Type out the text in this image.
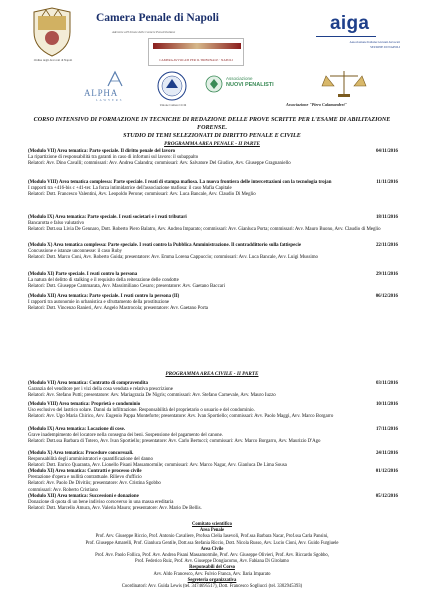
Ordine degli Avvocati di Napoli
Camera Penale di Napoli
Aderente all'Unione delle Camere Penali Italiane
CAMERA AVVOCATI PER IL TRIBUNALE · NAPOLI
aiga
Associazione Italiana Giovani Avvocati
SEZIONE DI NAPOLI
ALPHA
L A W Y E R S
Unione Camere Civili
Associazione
NUOVI PENALISTI
Associazione "Piero Calamandrei"
CORSO INTENSIVO DI FORMAZIONE IN TECNICHE DI REDAZIONE DELLE PROVE SCRITTE PER L'ESAME DI ABILITAZIONE FORENSE.
STUDIO DI TEMI SELEZIONATI DI DIRITTO PENALE E CIVILE
PROGRAMMA AREA PENALE - II PARTE
(Modulo VII) Area tematica: Parte speciale. Il diritto penale del lavoro	04/11/2016
La ripartizione di responsabilità tra garanti in caso di infortuni sul lavoro: il subappalto
Relatori: Avv. Dino Cavalli; commissari: Avv. Andrea Calandra; commissari: Avv. Salvatore Del Giudice, Avv. Giuseppe Gragnaniello
(Modulo VIII) Area tematica complessa: Parte speciale. I reati di stampa mafiosa. La nuova frontiera delle intercettazioni con la tecnologia trojan	11/11/2016
I rapporti tra +416-bis c +41-ter. La forza intimidatrice dell'associazione mafiosa: il caso Mafia Capitale
Relatori: Dott. Francesco Valentini, Avv. Leopoldo Perone; commissari: Avv. Luca Bancale, Avv. Claudio Di Meglio
(Modulo IX) Area tematica: Parte speciale. I reati societari e i reati tributari	18/11/2016
Bancarotta e falso valutativo
Relatori: Dott.ssa Livia De Gennaro, Dott. Roberto Piero Balatro, Avv. Andrea Imparato; commissari: Avv. Gianluca Porta; commissari: Avv. Mauro Buono, Avv. Claudio di Meglio
(Modulo X) Area tematica complessa: Parte speciale. I reati contro la Pubblica Amministrazione. Il contraddittorio sulla fattispecie	22/11/2016
Concussione e istanze unconnesse: il caso Ruby
Relatori: Dott. Marco Coni, Avv. Roberto Guida; presentatore: Avv. Emma Lorena Cappuccio; commissari: Avv. Luca Bancale, Avv. Luigi Mussimo
(Modulo XI) Parte speciale. I reati contro la persona	29/11/2016
La natura del delitto di stalking e il requisito della reiterazione delle condotte
Relatori: Dott. Giuseppe Cammarata, Avv. Massimiliano Cesaro; presentatore: Avv. Gaetano Baccari
(Modulo XII) Area tematica: Parte speciale. I reati contro la persona (II)	06/12/2016
I rapporti tra autonomie in urbanistica e sfruttamento della prostituzione
Relatori: Dott. Vincenzo Ranieri, Avv. Angelo Mastrocola; presentatore: Avv. Gaetano Porta
PROGRAMMA AREA CIVILE - II PARTE
(Modulo VII) Area tematica: Contratto di compravendita	03/11/2016
Garanzia del venditore per i vizi della cosa venduta e relativa prescrizione
Relatori: Avv. Stefano Putti; presentatore: Avv. Mariagrazia De Nigris; commissari: Avv. Stefano Carnevale, Avv. Mauro Iuzzo
(Modulo VIII) Area tematica: Proprietà e condominio	10/11/2016
Uso esclusivo del lastrico solare. Danni da infiltrazione. Responsabilità del proprietario o usuario e del condominio.
Relatori: Avv. Ugo Maria Chirico, Avv. Eugenio Pappa Monteforte; presentatore: Avv. Ivan Sportiello; commissari: Avv. Paolo Maggi, Avv. Marco Borgarro
(Modulo IX) Area tematica: Locazione di cose.	17/11/2016
Grave inadempimento del locatore nella consegna dei beni. Sospensione del pagamento del canone.
Relatori: Dott.ssa Barbara di Totero, Avv. Ivan Sportiello; presentatore: Avv. Carlo Bertucci; commissari: Avv. Marco Borgarro, Avv. Maurizio D'Ago
(Modulo X) Area tematica: Procedure concorsuali.	24/11/2016
Responsabilità degli amministratori e quantificazione del danno
Relatori: Dott. Enrico Quaranta, Avv. Lionello Pisani Massamormile; commissari: Avv. Marco Nagar, Avv. Gianluca De Lima Sousa
(Modulo XI) Area tematica: Contratti e processo civile	01/12/2016
Prestazione d'opera e nullità contrattuale. Rilievo d'ufficio
Relatori: Avv. Paolo De Divitiis; presentatore: Avv. Cristina Sgobbo
commissari: Avv. Roberto Cristiano
(Modulo XII) Area tematica: Successioni e donazione	05/12/2016
Donazione di quota di un bene indiviso corsoverso in una massa ereditaria
Relatori: Dott. Marcello Amura, Avv. Valeria Mauro; presentatore: Avv. Mario De Bellis.
Comitato scientifico
Area Penale
Prof. Avv. Giuseppe Riccio, Prof. Antonio Cavaliere, Profssa Clelia Iasevoli, Prof.ssa Barbara Nacar, Prof.ssa Carla Pansini,
Prof. Giuseppe Amarelli, Prof. Gianluca Gentile, Dott.ssa Stefania Riccio, Dott. Nicola Russo, Avv. Lucio Cioni, Avv. Guido Furgiuele
Area Civile
Prof. Avv. Paolo Follica, Prof. Avv. Andrea Pisani Massamormile, Prof. Avv. Giuseppe Olivieri, Prof. Avv. Riccardo Sgobbo,
Prof. Federico Ruiz, Prof. Avv. Giuseppe Dongiacomo, Avv. Fabiana Di Girolamo
Responsabili del Corso
Avv. Aldo Francesco, Avv. Fulvio Franca, Avv. Ilaria Imparato
Segreteria organizzativa
Coordinatori: Avv. Guida Lewis (tel. 3474695517), Dott. Francesco Sogliucci (tel. 3302945393)
